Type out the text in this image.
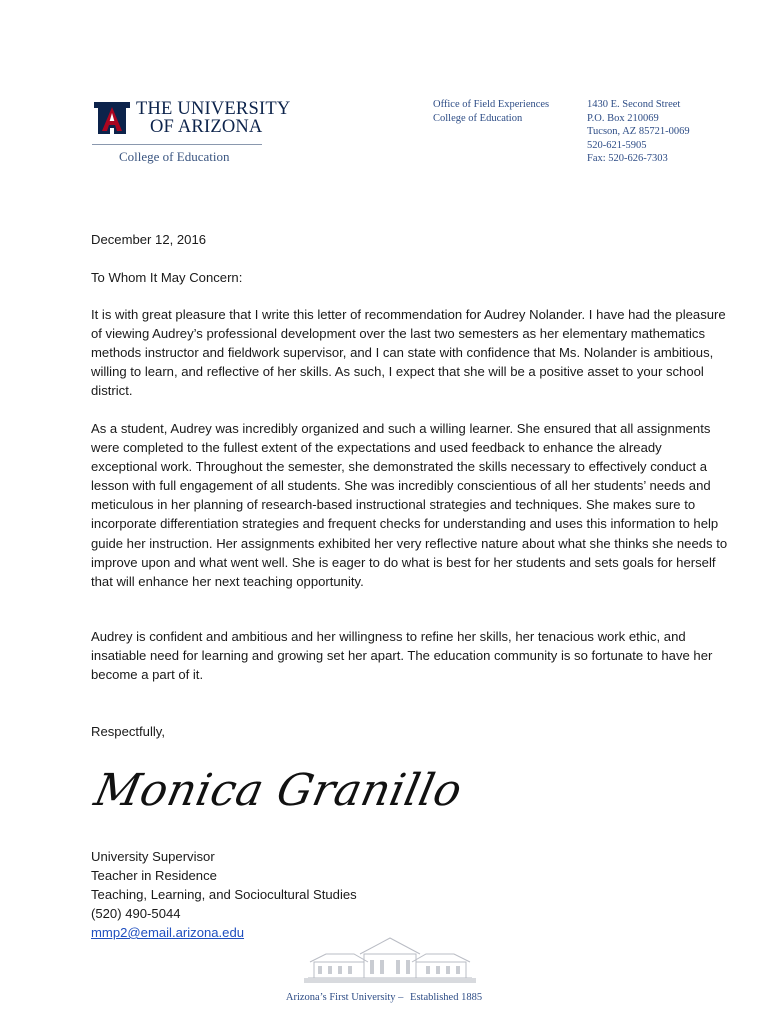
THE UNIVERSITY
OF ARIZONA
College of Education
Office of Field Experiences
College of Education
1430 E. Second Street
P.O. Box 210069
Tucson, AZ 85721-0069
520-621-5905
Fax: 520-626-7303
December 12, 2016
To Whom It May Concern:
It is with great pleasure that I write this letter of recommendation for Audrey Nolander. I have had the pleasure of viewing Audrey’s professional development over the last two semesters as her elementary mathematics methods instructor and fieldwork supervisor, and I can state with confidence that Ms. Nolander is ambitious, willing to learn, and reflective of her skills. As such, I expect that she will be a positive asset to your school district.
As a student, Audrey was incredibly organized and such a willing learner. She ensured that all assignments were completed to the fullest extent of the expectations and used feedback to enhance the already exceptional work. Throughout the semester, she demonstrated the skills necessary to effectively conduct a lesson with full engagement of all students. She was incredibly conscientious of all her students’ needs and meticulous in her planning of research-based instructional strategies and techniques. She makes sure to incorporate differentiation strategies and frequent checks for understanding and uses this information to help guide her instruction. Her assignments exhibited her very reflective nature about what she thinks she needs to improve upon and what went well. She is eager to do what is best for her students and sets goals for herself that will enhance her next teaching opportunity.
Audrey is confident and ambitious and her willingness to refine her skills, her tenacious work ethic, and insatiable need for learning and growing set her apart. The education community is so fortunate to have her become a part of it.
Respectfully,
Monica Granillo
University Supervisor
Teacher in Residence
Teaching, Learning, and Sociocultural Studies
(520) 490-5044
mmp2@email.arizona.edu
Arizona’s First University – Established 1885
